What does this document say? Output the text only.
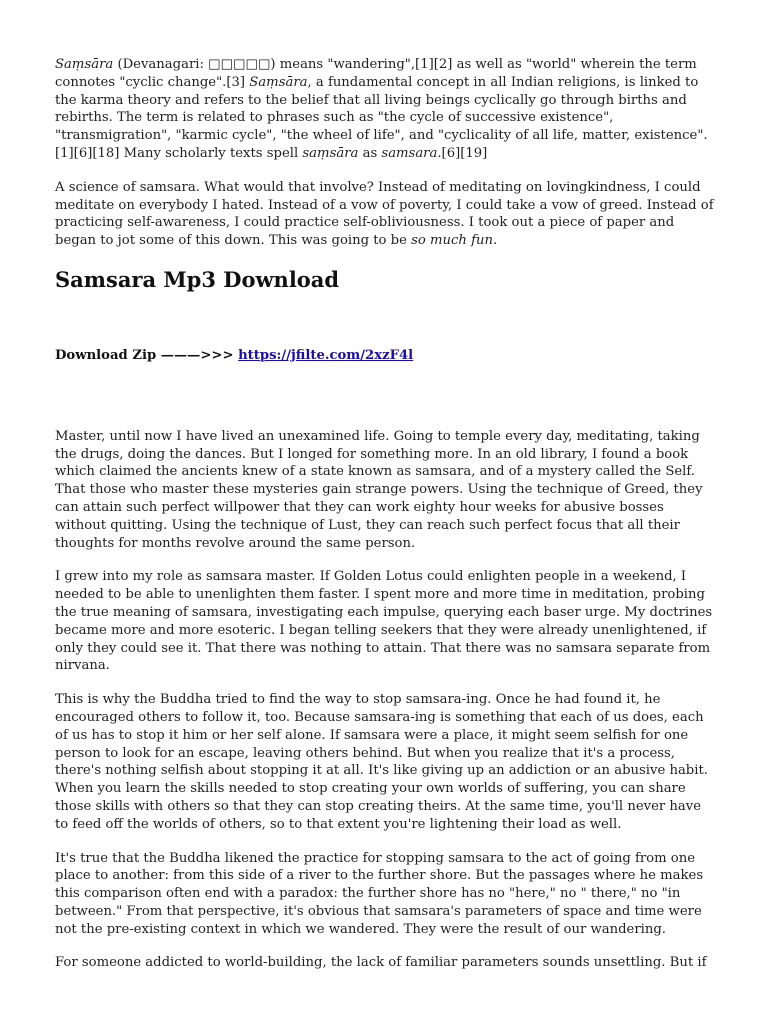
Saṃsāra (Devanagari: □□□□□) means "wandering",[1][2] as well as "world" wherein the term connotes "cyclic change".[3] Saṃsāra, a fundamental concept in all Indian religions, is linked to the karma theory and refers to the belief that all living beings cyclically go through births and rebirths. The term is related to phrases such as "the cycle of successive existence", "transmigration", "karmic cycle", "the wheel of life", and "cyclicality of all life, matter, existence".[1][6][18] Many scholarly texts spell saṃsāra as samsara.[6][19]

A science of samsara. What would that involve? Instead of meditating on lovingkindness, I could meditate on everybody I hated. Instead of a vow of poverty, I could take a vow of greed. Instead of practicing self-awareness, I could practice self-obliviousness. I took out a piece of paper and began to jot some of this down. This was going to be so much fun.

Samsara Mp3 Download
Download Zip ———>>> https://jfilte.com/2xzF4l

Master, until now I have lived an unexamined life. Going to temple every day, meditating, taking the drugs, doing the dances. But I longed for something more. In an old library, I found a book which claimed the ancients knew of a state known as samsara, and of a mystery called the Self. That those who master these mysteries gain strange powers. Using the technique of Greed, they can attain such perfect willpower that they can work eighty hour weeks for abusive bosses without quitting. Using the technique of Lust, they can reach such perfect focus that all their thoughts for months revolve around the same person.

I grew into my role as samsara master. If Golden Lotus could enlighten people in a weekend, I needed to be able to unenlighten them faster. I spent more and more time in meditation, probing the true meaning of samsara, investigating each impulse, querying each baser urge. My doctrines became more and more esoteric. I began telling seekers that they were already unenlightened, if only they could see it. That there was nothing to attain. That there was no samsara separate from nirvana.

This is why the Buddha tried to find the way to stop samsara-ing. Once he had found it, he encouraged others to follow it, too. Because samsara-ing is something that each of us does, each of us has to stop it him or her self alone. If samsara were a place, it might seem selfish for one person to look for an escape, leaving others behind. But when you realize that it's a process, there's nothing selfish about stopping it at all. It's like giving up an addiction or an abusive habit. When you learn the skills needed to stop creating your own worlds of suffering, you can share those skills with others so that they can stop creating theirs. At the same time, you'll never have to feed off the worlds of others, so to that extent you're lightening their load as well.

It's true that the Buddha likened the practice for stopping samsara to the act of going from one place to another: from this side of a river to the further shore. But the passages where he makes this comparison often end with a paradox: the further shore has no "here," no " there," no "in between." From that perspective, it's obvious that samsara's parameters of space and time were not the pre-existing context in which we wandered. They were the result of our wandering.

For someone addicted to world-building, the lack of familiar parameters sounds unsettling. But if
